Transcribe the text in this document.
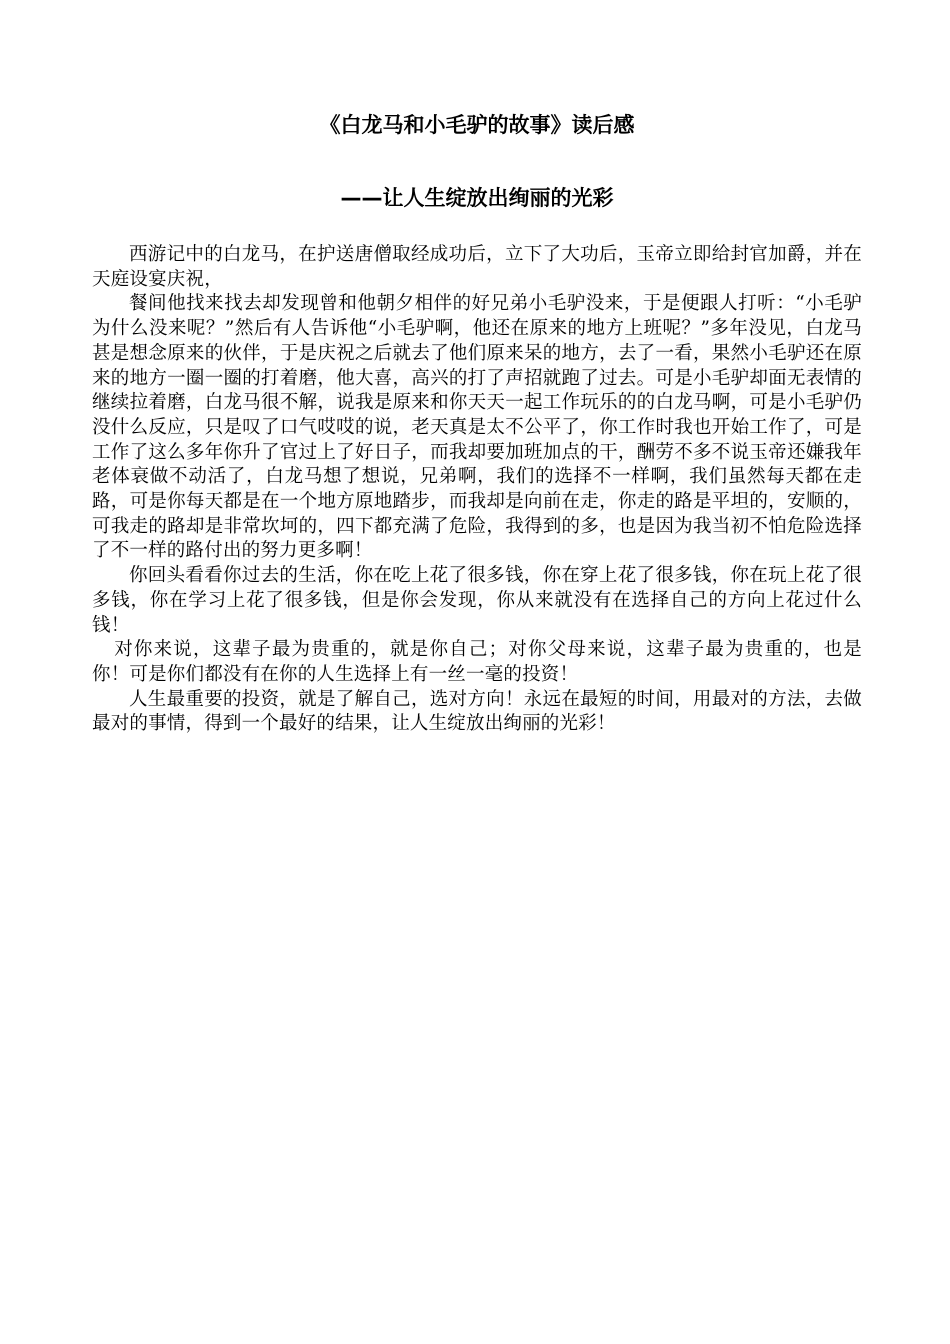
《白龙马和小毛驴的故事》读后感
——让人生绽放出绚丽的光彩

西游记中的白龙马，在护送唐僧取经成功后，立下了大功后，玉帝立即给封官加爵，并在天庭设宴庆祝，

餐间他找来找去却发现曾和他朝夕相伴的好兄弟小毛驴没来，于是便跟人打听：“小毛驴为什么没来呢？”然后有人告诉他“小毛驴啊，他还在原来的地方上班呢？”多年没见，白龙马甚是想念原来的伙伴，于是庆祝之后就去了他们原来呆的地方，去了一看，果然小毛驴还在原来的地方一圈一圈的打着磨，他大喜，高兴的打了声招就跑了过去。可是小毛驴却面无表情的继续拉着磨，白龙马很不解，说我是原来和你天天一起工作玩乐的的白龙马啊，可是小毛驴仍没什么反应，只是叹了口气哎哎的说，老天真是太不公平了，你工作时我也开始工作了，可是工作了这么多年你升了官过上了好日子，而我却要加班加点的干，酬劳不多不说玉帝还嫌我年老体衰做不动活了，白龙马想了想说，兄弟啊，我们的选择不一样啊，我们虽然每天都在走路，可是你每天都是在一个地方原地踏步，而我却是向前在走，你走的路是平坦的，安顺的，可我走的路却是非常坎坷的，四下都充满了危险，我得到的多，也是因为我当初不怕危险选择了不一样的路付出的努力更多啊！

你回头看看你过去的生活，你在吃上花了很多钱，你在穿上花了很多钱，你在玩上花了很多钱，你在学习上花了很多钱，但是你会发现，你从来就没有在选择自己的方向上花过什么钱！

对你来说，这辈子最为贵重的，就是你自己；对你父母来说，这辈子最为贵重的，也是你！可是你们都没有在你的人生选择上有一丝一毫的投资！

人生最重要的投资，就是了解自己，选对方向！永远在最短的时间，用最对的方法，去做最对的事情，得到一个最好的结果，让人生绽放出绚丽的光彩！
